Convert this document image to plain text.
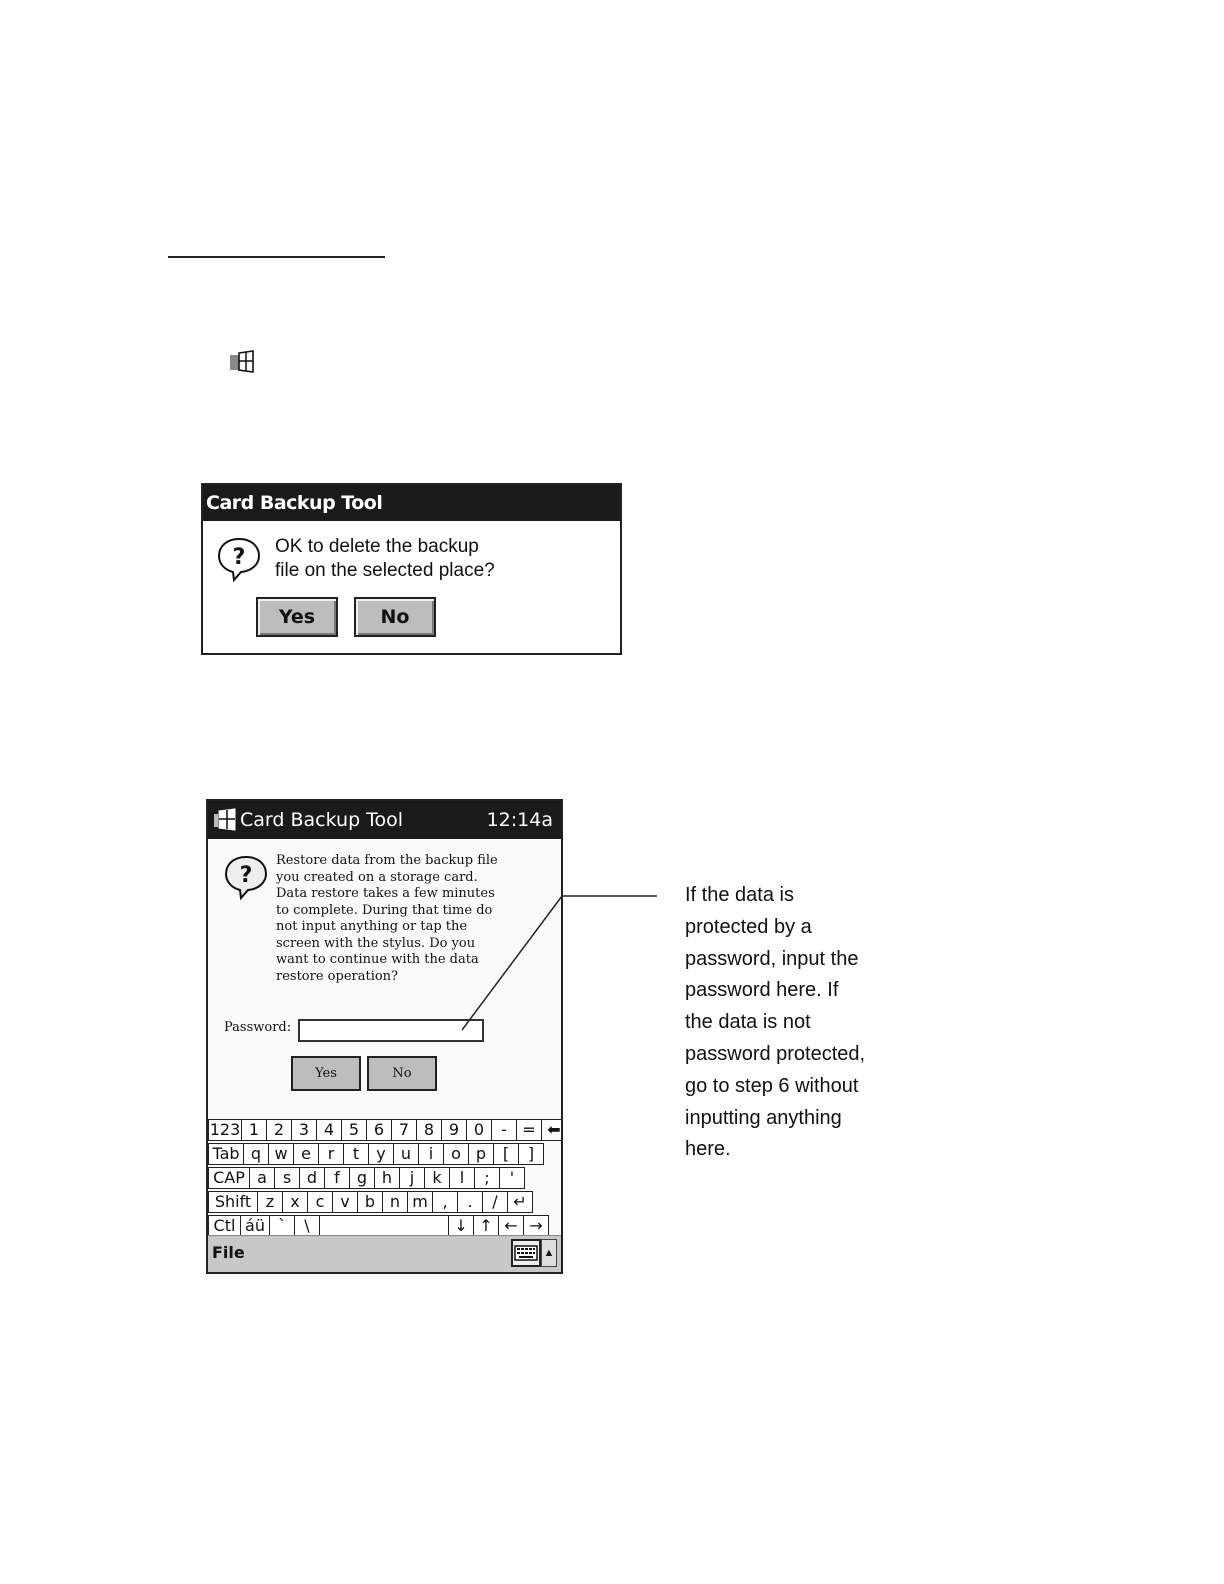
Card Backup Tool
? OK to delete the backup
file on the selected place?
Yes	No
Card Backup Tool	12:14a
?
Restore data from the backup file
you created on a storage card.
Data restore takes a few minutes
to complete. During that time do
not input anything or tap the
screen with the stylus. Do you
want to continue with the data
restore operation?
Password:
Yes	No
123 1 2 3 4 5 6 7 8 9 0	- = ⬅
Tab q w e	r	t	y u	i	o p	[	]
CAP a s d	f	g h	j	k	l	;	'
Shift z	x c v b n m ,	.	/ ↵
Ctl áü `	\	↓ ↑ ← →
File	▲
If the data is
protected by a
password, input the
password here. If
the data is not
password protected,
go to step 6 without
inputting anything
here.
